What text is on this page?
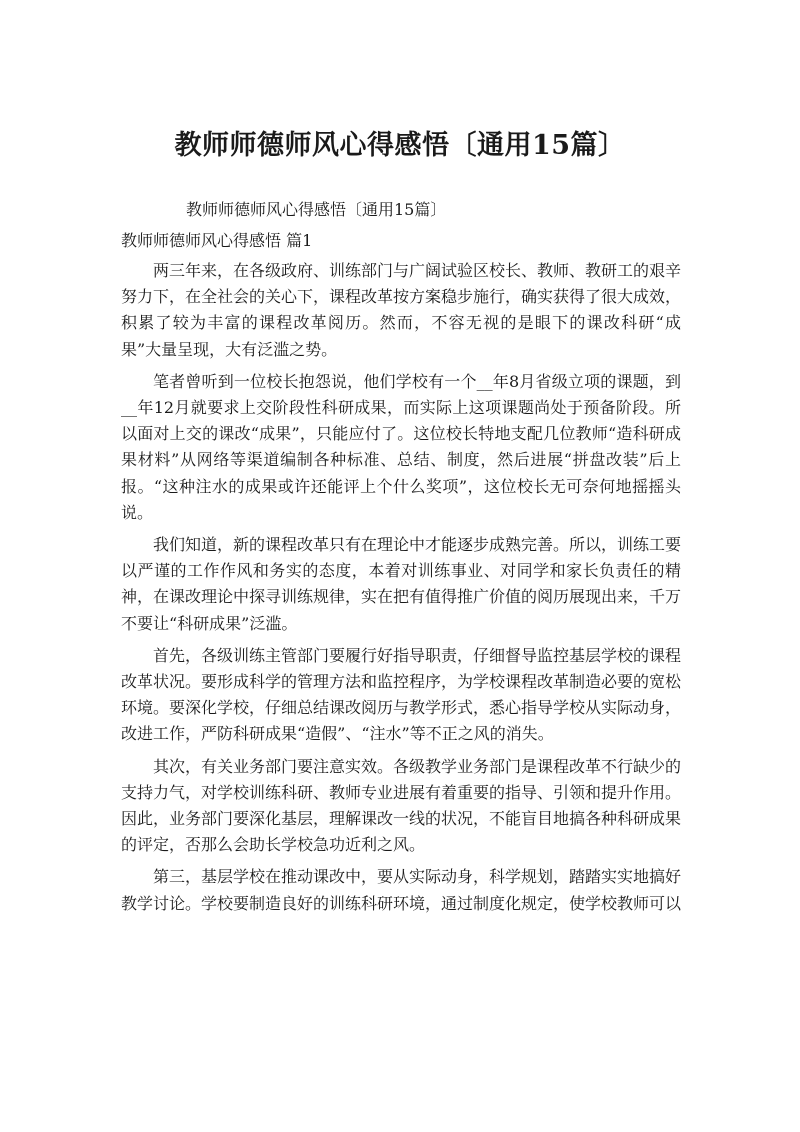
教师师德师风心得感悟〔通用15篇〕

教师师德师风心得感悟〔通用15篇〕

教师师德师风心得感悟 篇1

两三年来，在各级政府、训练部门与广阔试验区校长、教师、教研工的艰辛努力下，在全社会的关心下，课程改革按方案稳步施行，确实获得了很大成效，积累了较为丰富的课程改革阅历。然而，不容无视的是眼下的课改科研“成果”大量呈现，大有泛滥之势。

笔者曾听到一位校长抱怨说，他们学校有一个__年8月省级立项的课题，到__年12月就要求上交阶段性科研成果，而实际上这项课题尚处于预备阶段。所以面对上交的课改“成果”，只能应付了。这位校长特地支配几位教师“造科研成果材料”从网络等渠道编制各种标准、总结、制度，然后进展“拼盘改装”后上报。“这种注水的成果或许还能评上个什么奖项”，这位校长无可奈何地摇摇头说。

我们知道，新的课程改革只有在理论中才能逐步成熟完善。所以，训练工要以严谨的工作作风和务实的态度，本着对训练事业、对同学和家长负责任的精神，在课改理论中探寻训练规律，实在把有值得推广价值的阅历展现出来，千万不要让“科研成果”泛滥。

首先，各级训练主管部门要履行好指导职责，仔细督导监控基层学校的课程改革状况。要形成科学的管理方法和监控程序，为学校课程改革制造必要的宽松环境。要深化学校，仔细总结课改阅历与教学形式，悉心指导学校从实际动身，改进工作，严防科研成果“造假”、“注水”等不正之风的消失。

其次，有关业务部门要注意实效。各级教学业务部门是课程改革不行缺少的支持力气，对学校训练科研、教师专业进展有着重要的指导、引领和提升作用。因此，业务部门要深化基层，理解课改一线的状况，不能盲目地搞各种科研成果的评定，否那么会助长学校急功近利之风。

第三，基层学校在推动课改中，要从实际动身，科学规划，踏踏实实地搞好教学讨论。学校要制造良好的训练科研环境，通过制度化规定，使学校教师可以
